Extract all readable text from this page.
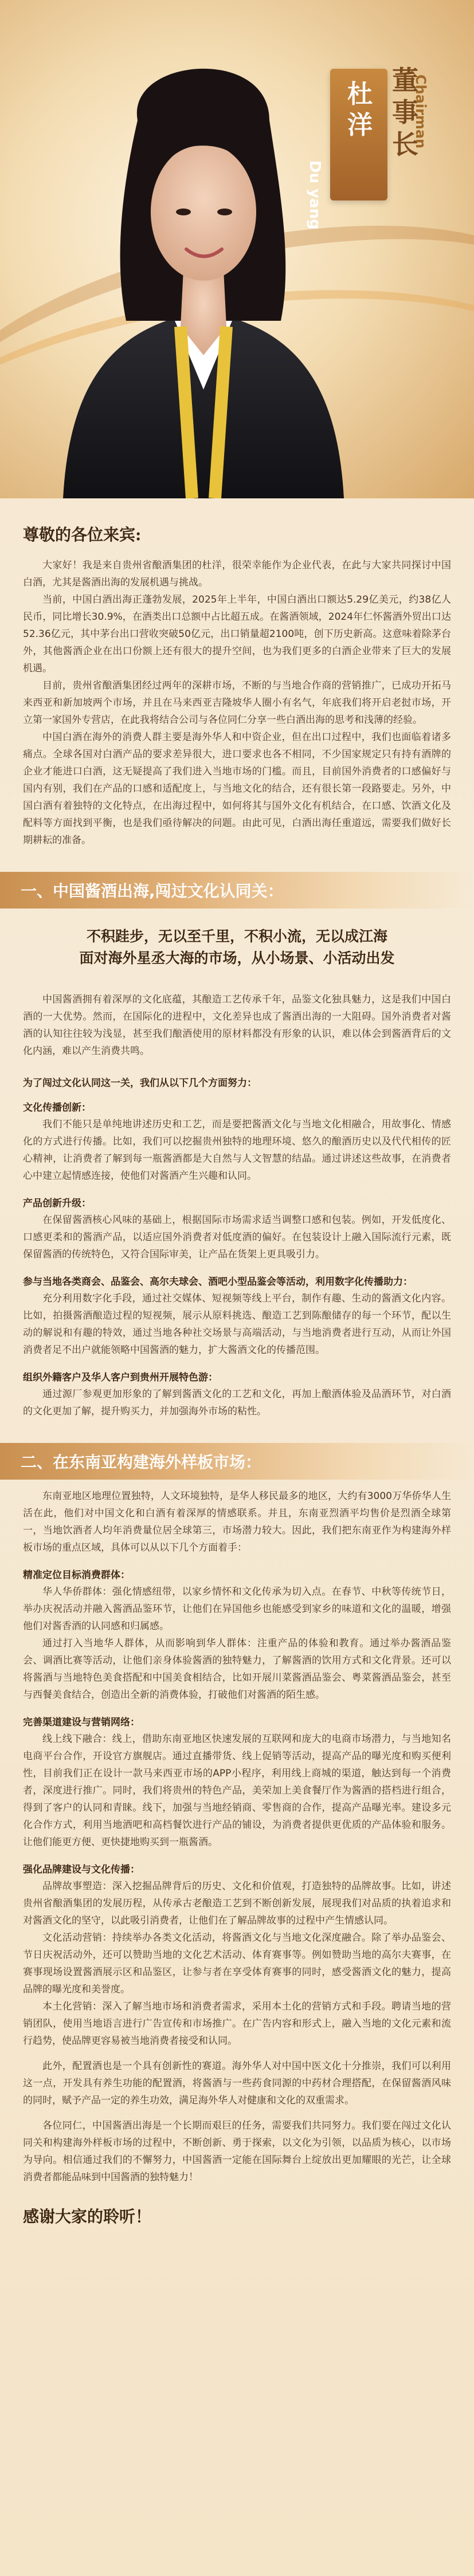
杜洋
Du yang
董事长
Chairman
尊敬的各位来宾:

大家好！我是来自贵州省酿酒集团的杜洋，很荣幸能作为企业代表，在此与大家共同探讨中国白酒，尤其是酱酒出海的发展机遇与挑战。

当前，中国白酒出海正蓬勃发展，2025年上半年，中国白酒出口额达5.29亿美元，约38亿人民币，同比增长30.9%，在酒类出口总额中占比超五成。在酱酒领域，2024年仁怀酱酒外贸出口达52.36亿元，其中茅台出口营收突破50亿元，出口销量超2100吨，创下历史新高。这意味着除茅台外，其他酱酒企业在出口份额上还有很大的提升空间，也为我们更多的白酒企业带来了巨大的发展机遇。

目前，贵州省酿酒集团经过两年的深耕市场，不断的与当地合作商的营销推广，已成功开拓马来西亚和新加坡两个市场，并且在马来西亚吉隆坡华人圈小有名气，年底我们将开启老挝市场，开立第一家国外专营店，在此我将结合公司与各位同仁分享一些白酒出海的思考和浅薄的经验。

中国白酒在海外的消费人群主要是海外华人和中资企业，但在出口过程中，我们也面临着诸多痛点。全球各国对白酒产品的要求差异很大，进口要求也各不相同，不少国家规定只有持有酒牌的企业才能进口白酒，这无疑提高了我们进入当地市场的门槛。而且，目前国外消费者的口感偏好与国内有别，我们在产品的口感和适配度上，与当地文化的结合，还有很长第一段路要走。另外，中国白酒有着独特的文化特点，在出海过程中，如何将其与国外文化有机结合，在口感、饮酒文化及配料等方面找到平衡，也是我们亟待解决的问题。由此可见，白酒出海任重道远，需要我们做好长期耕耘的准备。

一、中国酱酒出海,闯过文化认同关：
不积跬步，无以至千里，不积小流，无以成江海
面对海外星丞大海的市场，从小场景、小活动出发

中国酱酒拥有着深厚的文化底蕴，其酿造工艺传承千年，品鉴文化独具魅力，这是我们中国白酒的一大优势。然而，在国际化的进程中，文化差异也成了酱酒出海的一大阻碍。国外消费者对酱酒的认知往往较为浅显，甚至我们酿酒使用的原材料都没有形象的认识，难以体会到酱酒背后的文化内涵，难以产生消费共鸣。

为了闯过文化认同这一关，我们从以下几个方面努力：
文化传播创新：

我们不能只是单纯地讲述历史和工艺，而是要把酱酒文化与当地文化相融合，用故事化、情感化的方式进行传播。比如，我们可以挖掘贵州独特的地理环境、悠久的酿酒历史以及代代相传的匠心精神，让消费者了解到每一瓶酱酒都是大自然与人文智慧的结晶。通过讲述这些故事，在消费者心中建立起情感连接，使他们对酱酒产生兴趣和认同。

产品创新升级：

在保留酱酒核心风味的基础上，根据国际市场需求适当调整口感和包装。例如，开发低度化、口感更柔和的酱酒产品，以适应国外消费者对低度酒的偏好。在包装设计上融入国际流行元素，既保留酱酒的传统特色，又符合国际审美，让产品在货架上更具吸引力。

参与当地各类商会、品鉴会、高尔夫球会、酒吧小型品鉴会等活动，利用数字化传播助力：

充分利用数字化手段，通过社交媒体、短视频等线上平台，制作有趣、生动的酱酒文化内容。比如，拍摄酱酒酿造过程的短视频，展示从原料挑选、酿造工艺到陈酿储存的每一个环节，配以生动的解说和有趣的特效，通过当地各种社交场景与高端活动，与当地消费者进行互动，从而让外国消费者足不出户就能领略中国酱酒的魅力，扩大酱酒文化的传播范围。

组织外籍客户及华人客户到贵州开展特色游：

通过源厂参观更加形象的了解到酱酒文化的工艺和文化，再加上酿酒体验及品酒环节，对白酒的文化更加了解，提升购买力，并加强海外市场的粘性。

二、在东南亚构建海外样板市场：

东南亚地区地理位置独特，人文环境独特，是华人移民最多的地区，大约有3000万华侨华人生活在此，他们对中国文化和白酒有着深厚的情感联系。并且，东南亚烈酒平均售价是烈酒全球第一，当地饮酒者人均年消费量位居全球第三，市场潜力较大。因此，我们把东南亚作为构建海外样板市场的重点区域，具体可以从以下几个方面着手：

精准定位目标消费群体：

华人华侨群体：强化情感纽带，以家乡情怀和文化传承为切入点。在春节、中秋等传统节日，举办庆祝活动并融入酱酒品鉴环节，让他们在异国他乡也能感受到家乡的味道和文化的温暖，增强他们对酱香酒的认同感和归属感。

通过打入当地华人群体，从而影响到华人群体：注重产品的体验和教育。通过举办酱酒品鉴会、调酒比赛等活动，让他们亲身体验酱酒的独特魅力，了解酱酒的饮用方式和文化背景。还可以将酱酒与当地特色美食搭配和中国美食相结合，比如开展川菜酱酒品鉴会、粤菜酱酒品鉴会，甚至与西餐美食结合，创造出全新的消费体验，打破他们对酱酒的陌生感。

完善渠道建设与营销网络：

线上线下融合：线上，借助东南亚地区快速发展的互联网和庞大的电商市场潜力，与当地知名电商平台合作，开设官方旗舰店。通过直播带货、线上促销等活动，提高产品的曝光度和购买便利性，目前我们正在设计一款马来西亚市场的APP小程序，利用线上商城的渠道，触达到每一个消费者，深度进行推广。同时，我们将贵州的特色产品，美荣加上美食餐厅作为酱酒的搭档进行组合，得到了客户的认同和青睐。线下，加强与当地经销商、零售商的合作，提高产品曝光率。建设多元化合作方式，利用当地酒吧和高档餐饮进行产品的铺设，为消费者提供更优质的产品体验和服务。让他们能更方便、更快捷地购买到一瓶酱酒。

强化品牌建设与文化传播：

品牌故事塑造：深入挖掘品牌背后的历史、文化和价值观，打造独特的品牌故事。比如，讲述贵州省酿酒集团的发展历程，从传承古老酿造工艺到不断创新发展，展现我们对品质的执着追求和对酱酒文化的坚守，以此吸引消费者，让他们在了解品牌故事的过程中产生情感认同。

文化活动营销：持续举办各类文化活动，将酱酒文化与当地文化深度融合。除了举办品鉴会、节日庆祝活动外，还可以赞助当地的文化艺术活动、体育赛事等。例如赞助当地的高尔夫赛事，在赛事现场设置酱酒展示区和品鉴区，让参与者在享受体育赛事的同时，感受酱酒文化的魅力，提高品牌的曝光度和美誉度。

本土化营销：深入了解当地市场和消费者需求，采用本土化的营销方式和手段。聘请当地的营销团队，使用当地语言进行广告宣传和市场推广。在广告内容和形式上，融入当地的文化元素和流行趋势，使品牌更容易被当地消费者接受和认同。

此外，配置酒也是一个具有创新性的赛道。海外华人对中国中医文化十分推崇，我们可以利用这一点，开发具有养生功能的配置酒，将酱酒与一些药食同源的中药材合理搭配，在保留酱酒风味的同时，赋予产品一定的养生功效，满足海外华人对健康和文化的双重需求。

各位同仁，中国酱酒出海是一个长期而艰巨的任务，需要我们共同努力。我们要在闯过文化认同关和构建海外样板市场的过程中，不断创新、勇于探索，以文化为引领，以品质为核心，以市场为导向。相信通过我们的不懈努力，中国酱酒一定能在国际舞台上绽放出更加耀眼的光芒，让全球消费者都能品味到中国酱酒的独特魅力！

感谢大家的聆听！
